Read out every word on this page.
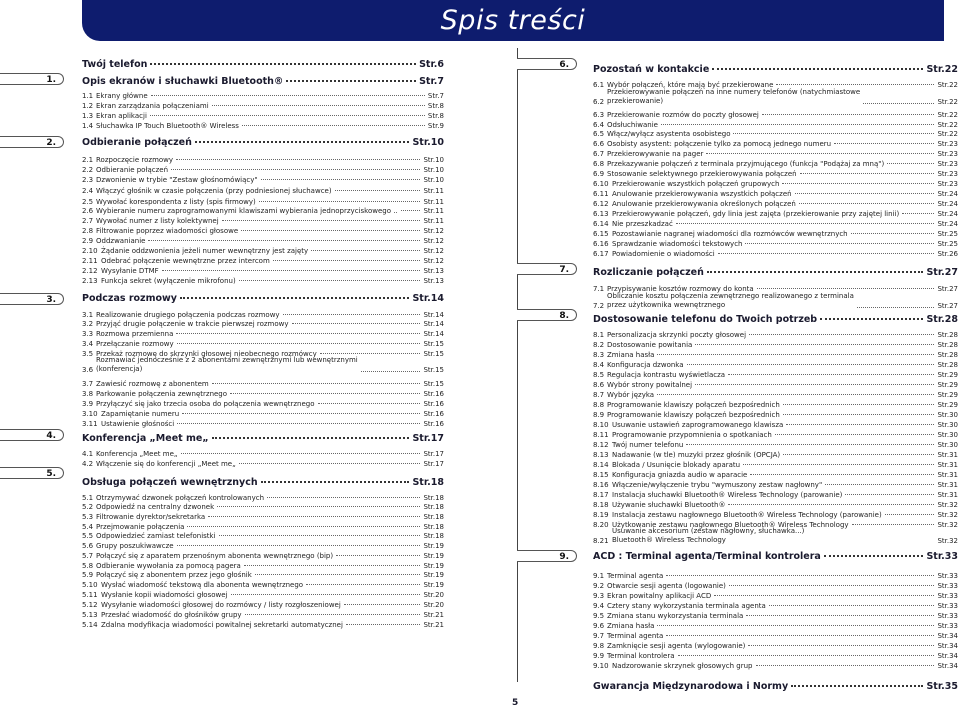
Spis treści
1.
2.
3.
4.
5.
6.
7.
8.
9.
Twój telefon	Str.6
Opis ekranów i słuchawki Bluetooth®	Str.7
1.1 Ekrany główne	Str.7
1.2 Ekran zarządzania połączeniami	Str.8
1.3 Ekran aplikacji	Str.8
1.4 Słuchawka IP Touch Bluetooth® Wireless	Str.9
Odbieranie połączeń	Str.10
2.1 Rozpoczęcie rozmowy	Str.10
2.2 Odbieranie połączeń	Str.10
2.3 Dzwonienie w trybie "Zestaw głośnomówiący"	Str.10
2.4 Włączyć głośnik w czasie połączenia (przy podniesionej słuchawce)	Str.11
2.5 Wywołać korespondenta z listy (spis firmowy)	Str.11
2.6 Wybieranie numeru zaprogramowanymi klawiszami wybierania jednoprzyciskowego ..	Str.11
2.7 Wywołać numer z listy kolektywnej	Str.11
2.8 Filtrowanie poprzez wiadomości głosowe	Str.12
2.9 Oddzwanianie	Str.12
2.10 Żądanie oddzwonienia jeżeli numer wewnętrzny jest zajęty	Str.12
2.11 Odebrać połączenie wewnętrzne przez intercom	Str.12
2.12 Wysyłanie DTMF	Str.13
2.13 Funkcja sekret (wyłączenie mikrofonu)	Str.13
Podczas rozmowy	Str.14
3.1 Realizowanie drugiego połączenia podczas rozmowy	Str.14
3.2 Przyjąć drugie połączenie w trakcie pierwszej rozmowy	Str.14
3.3 Rozmowa przemienna	Str.14
3.4 Przełączanie rozmowy	Str.15
3.5 Przekaż rozmowę do skrzynki głosowej nieobecnego rozmówcy	Str.15
3.6
Rozmawiać jednocześnie z 2 abonentami zewnętrznymi lub wewnętrznymi
(konferencja)	Str.15
3.7 Zawiesić rozmowę z abonentem	Str.15
3.8 Parkowanie połączenia zewnętrznego	Str.16
3.9 Przyłączyć się jako trzecia osoba do połączenia wewnętrznego	Str.16
3.10 Zapamiętanie numeru	Str.16
3.11 Ustawienie głośności	Str.16
Konferencja „Meet me„	Str.17
4.1 Konferencja „Meet me„	Str.17
4.2 Włączenie się do konferencji „Meet me„	Str.17
Obsługa połączeń wewnętrznych	Str.18
5.1 Otrzymywać dzwonek połączeń kontrolowanych	Str.18
5.2 Odpowiedź na centralny dzwonek	Str.18
5.3 Filtrowanie dyrektor/sekretarka	Str.18
5.4 Przejmowanie połączenia	Str.18
5.5 Odpowiedzieć zamiast telefonistki	Str.18
5.6 Grupy poszukiwawcze	Str.19
5.7 Połączyć się z aparatem przenośnym abonenta wewnętrznego (bip)	Str.19
5.8 Odbieranie wywołania za pomocą pagera	Str.19
5.9 Połączyć się z abonentem przez jego głośnik	Str.19
5.10 Wysłać wiadomość tekstową dla abonenta wewnętrznego	Str.19
5.11 Wysłanie kopii wiadomości głosowej	Str.20
5.12 Wysyłanie wiadomości głosowej do rozmówcy / listy rozgłoszeniowej	Str.20
5.13 Przesłać wiadomość do głośników grupy	Str.21
5.14 Zdalna modyfikacja wiadomości powitalnej sekretarki automatycznej	Str.21
Pozostań w kontakcie	Str.22
6.1 Wybór połączeń, które mają być przekierowane	Str.22
6.2
Przekierowywanie połączeń na inne numery telefonów (natychmiastowe
przekierowanie)	Str.22
6.3 Przekierowanie rozmów do poczty głosowej	Str.22
6.4 Odsłuchiwanie	Str.22
6.5 Włącz/wyłącz asystenta osobistego	Str.22
6.6 Osobisty asystent: połączenie tylko za pomocą jednego numeru	Str.23
6.7 Przekierowywanie na pager	Str.23
6.8 Przekazywanie połączeń z terminala przyjmującego (funkcja "Podążaj za mną")	Str.23
6.9 Stosowanie selektywnego przekierowywania połączeń	Str.23
6.10 Przekierowanie wszystkich połączeń grupowych	Str.23
6.11 Anulowanie przekierowywania wszystkich połączeń	Str.24
6.12 Anulowanie przekierowywania określonych połączeń	Str.24
6.13 Przekierowywanie połączeń, gdy linia jest zajęta (przekierowanie przy zajętej linii)	Str.24
6.14 Nie przeszkadzać	Str.24
6.15 Pozostawianie nagranej wiadomości dla rozmówców wewnętrznych	Str.25
6.16 Sprawdzanie wiadomości tekstowych	Str.25
6.17 Powiadomienie o wiadomości	Str.26
Rozliczanie połączeń	Str.27
7.1 Przypisywanie kosztów rozmowy do konta	Str.27
7.2
Obliczanie kosztu połączenia zewnętrznego realizowanego z terminala
przez użytkownika wewnętrznego	Str.27
Dostosowanie telefonu do Twoich potrzeb	Str.28
8.1 Personalizacja skrzynki poczty głosowej	Str.28
8.2 Dostosowanie powitania	Str.28
8.3 Zmiana hasła	Str.28
8.4 Konfiguracja dzwonka	Str.28
8.5 Regulacja kontrastu wyświetlacza	Str.29
8.6 Wybór strony powitalnej	Str.29
8.7 Wybór języka	Str.29
8.8 Programowanie klawiszy połączeń bezpośrednich	Str.29
8.9 Programowanie klawiszy połączeń bezpośrednich	Str.30
8.10 Usuwanie ustawień zaprogramowanego klawisza	Str.30
8.11 Programowanie przypomnienia o spotkaniach	Str.30
8.12 Twój numer telefonu	Str.30
8.13 Nadawanie (w tle) muzyki przez głośnik (OPCJA)	Str.31
8.14 Blokada / Usunięcie blokady aparatu	Str.31
8.15 Konfiguracja gniazda audio w aparacie	Str.31
8.16 Włączenie/wyłączenie trybu "wymuszony zestaw nagłowny"	Str.31
8.17 Instalacja słuchawki Bluetooth® Wireless Technology (parowanie)	Str.31
8.18 Używanie słuchawki Bluetooth®	Str.32
8.19 Instalacja zestawu nagłownego Bluetooth® Wireless Technology (parowanie)	Str.32
8.20 Użytkowanie zestawu nagłownego Bluetooth® Wireless Technology	Str.32
8.21
Usuwanie akcesorium (zestaw nagłowny, słuchawka...)
Bluetooth® Wireless Technology	Str.32
ACD : Terminal agenta/Terminal kontrolera	Str.33
9.1 Terminal agenta	Str.33
9.2 Otwarcie sesji agenta (logowanie)	Str.33
9.3 Ekran powitalny aplikacji ACD	Str.33
9.4 Cztery stany wykorzystania terminala agenta	Str.33
9.5 Zmiana stanu wykorzystania terminala	Str.33
9.6 Zmiana hasła	Str.33
9.7 Terminal agenta	Str.34
9.8 Zamknięcie sesji agenta (wylogowanie)	Str.34
9.9 Terminal kontrolera	Str.34
9.10 Nadzorowanie skrzynek głosowych grup	Str.34
Gwarancja Międzynarodowa i Normy	Str.35
5
